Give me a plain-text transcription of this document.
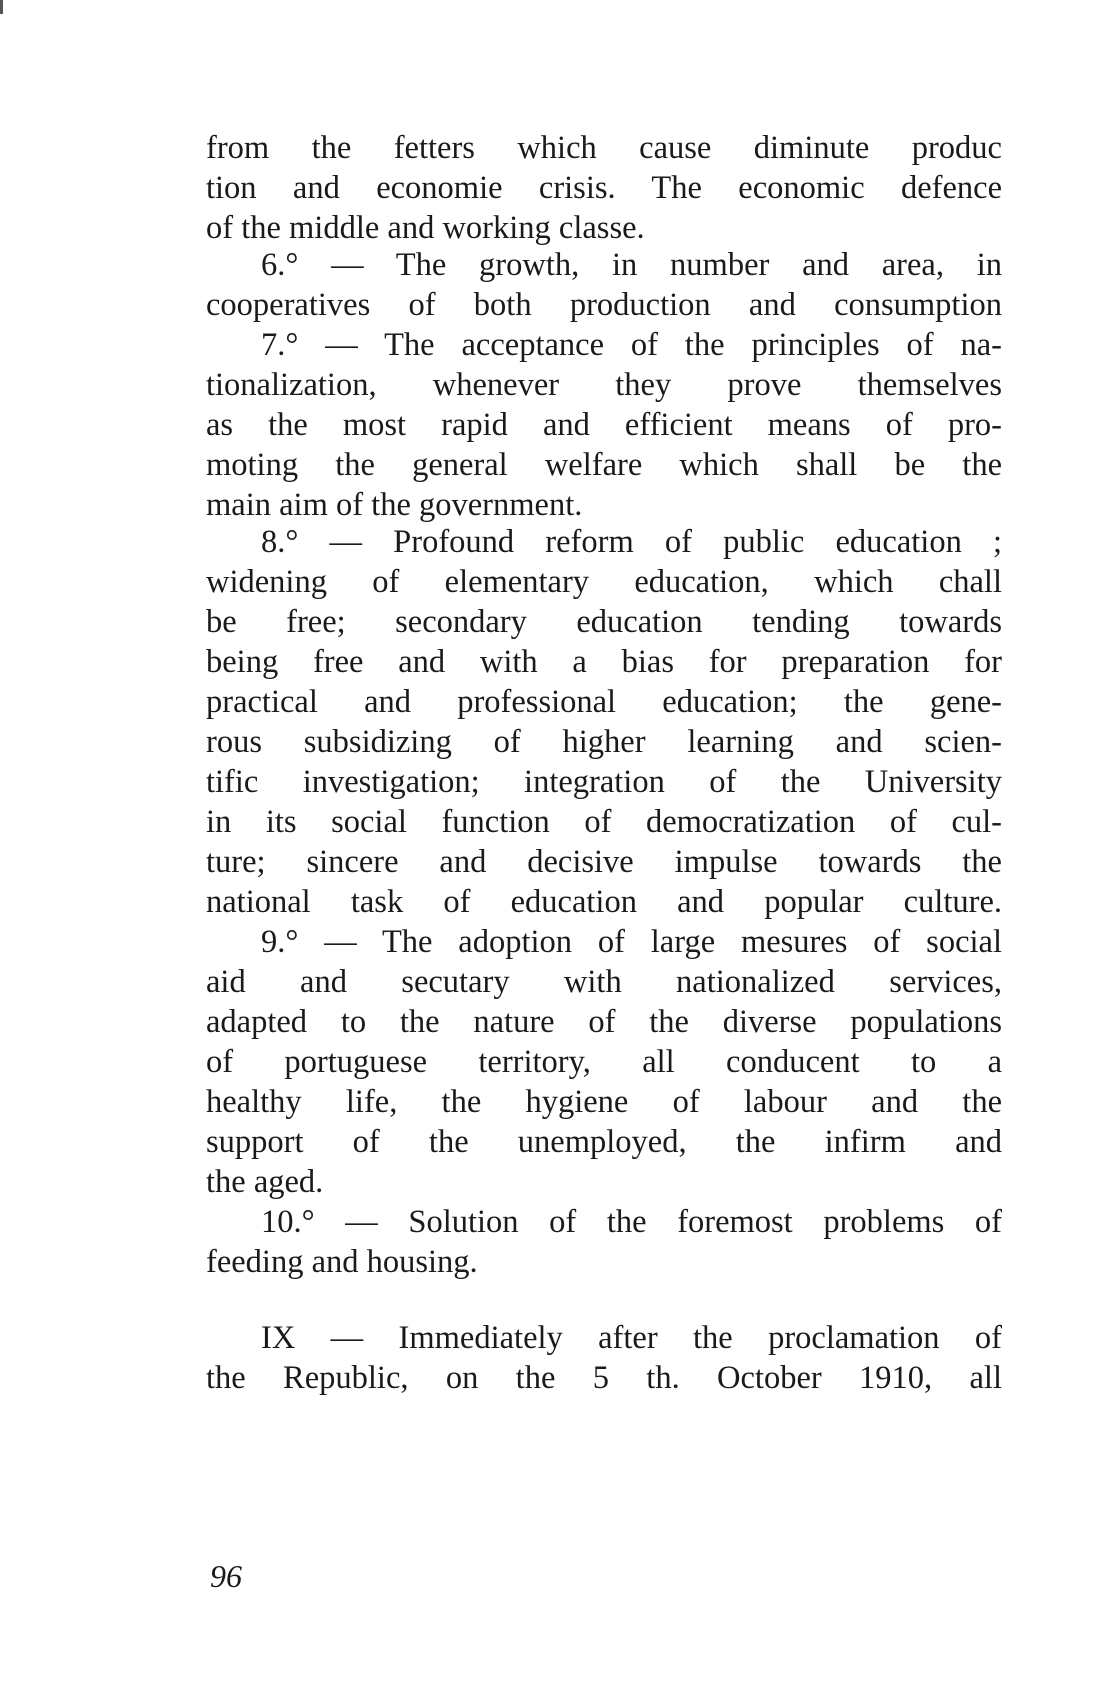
from the fetters which cause diminute produc
tion and economie crisis. The economic defence
of the middle and working classe.
6.° — The growth, in number and area, in
cooperatives of both production and consumption
7.° — The acceptance of the principles of na-
tionalization, whenever they prove themselves
as the most rapid and efficient means of pro-
moting the general welfare which shall be the
main aim of the government.
8.° — Profound reform of public education ;
widening of elementary education, which chall
be free; secondary education tending towards
being free and with a bias for preparation for
practical and professional education; the gene-
rous subsidizing of higher learning and scien-
tific investigation; integration of the University
in its social function of democratization of cul-
ture; sincere and decisive impulse towards the
national task of education and popular culture.
9.° — The adoption of large mesures of social
aid and secutary with nationalized services,
adapted to the nature of the diverse populations
of portuguese territory, all conducent to a
healthy life, the hygiene of labour and the
support of the unemployed, the infirm and
the aged.
10.° — Solution of the foremost problems of
feeding and housing.
IX — Immediately after the proclamation of
the Republic, on the 5 th. October 1910, all
96
